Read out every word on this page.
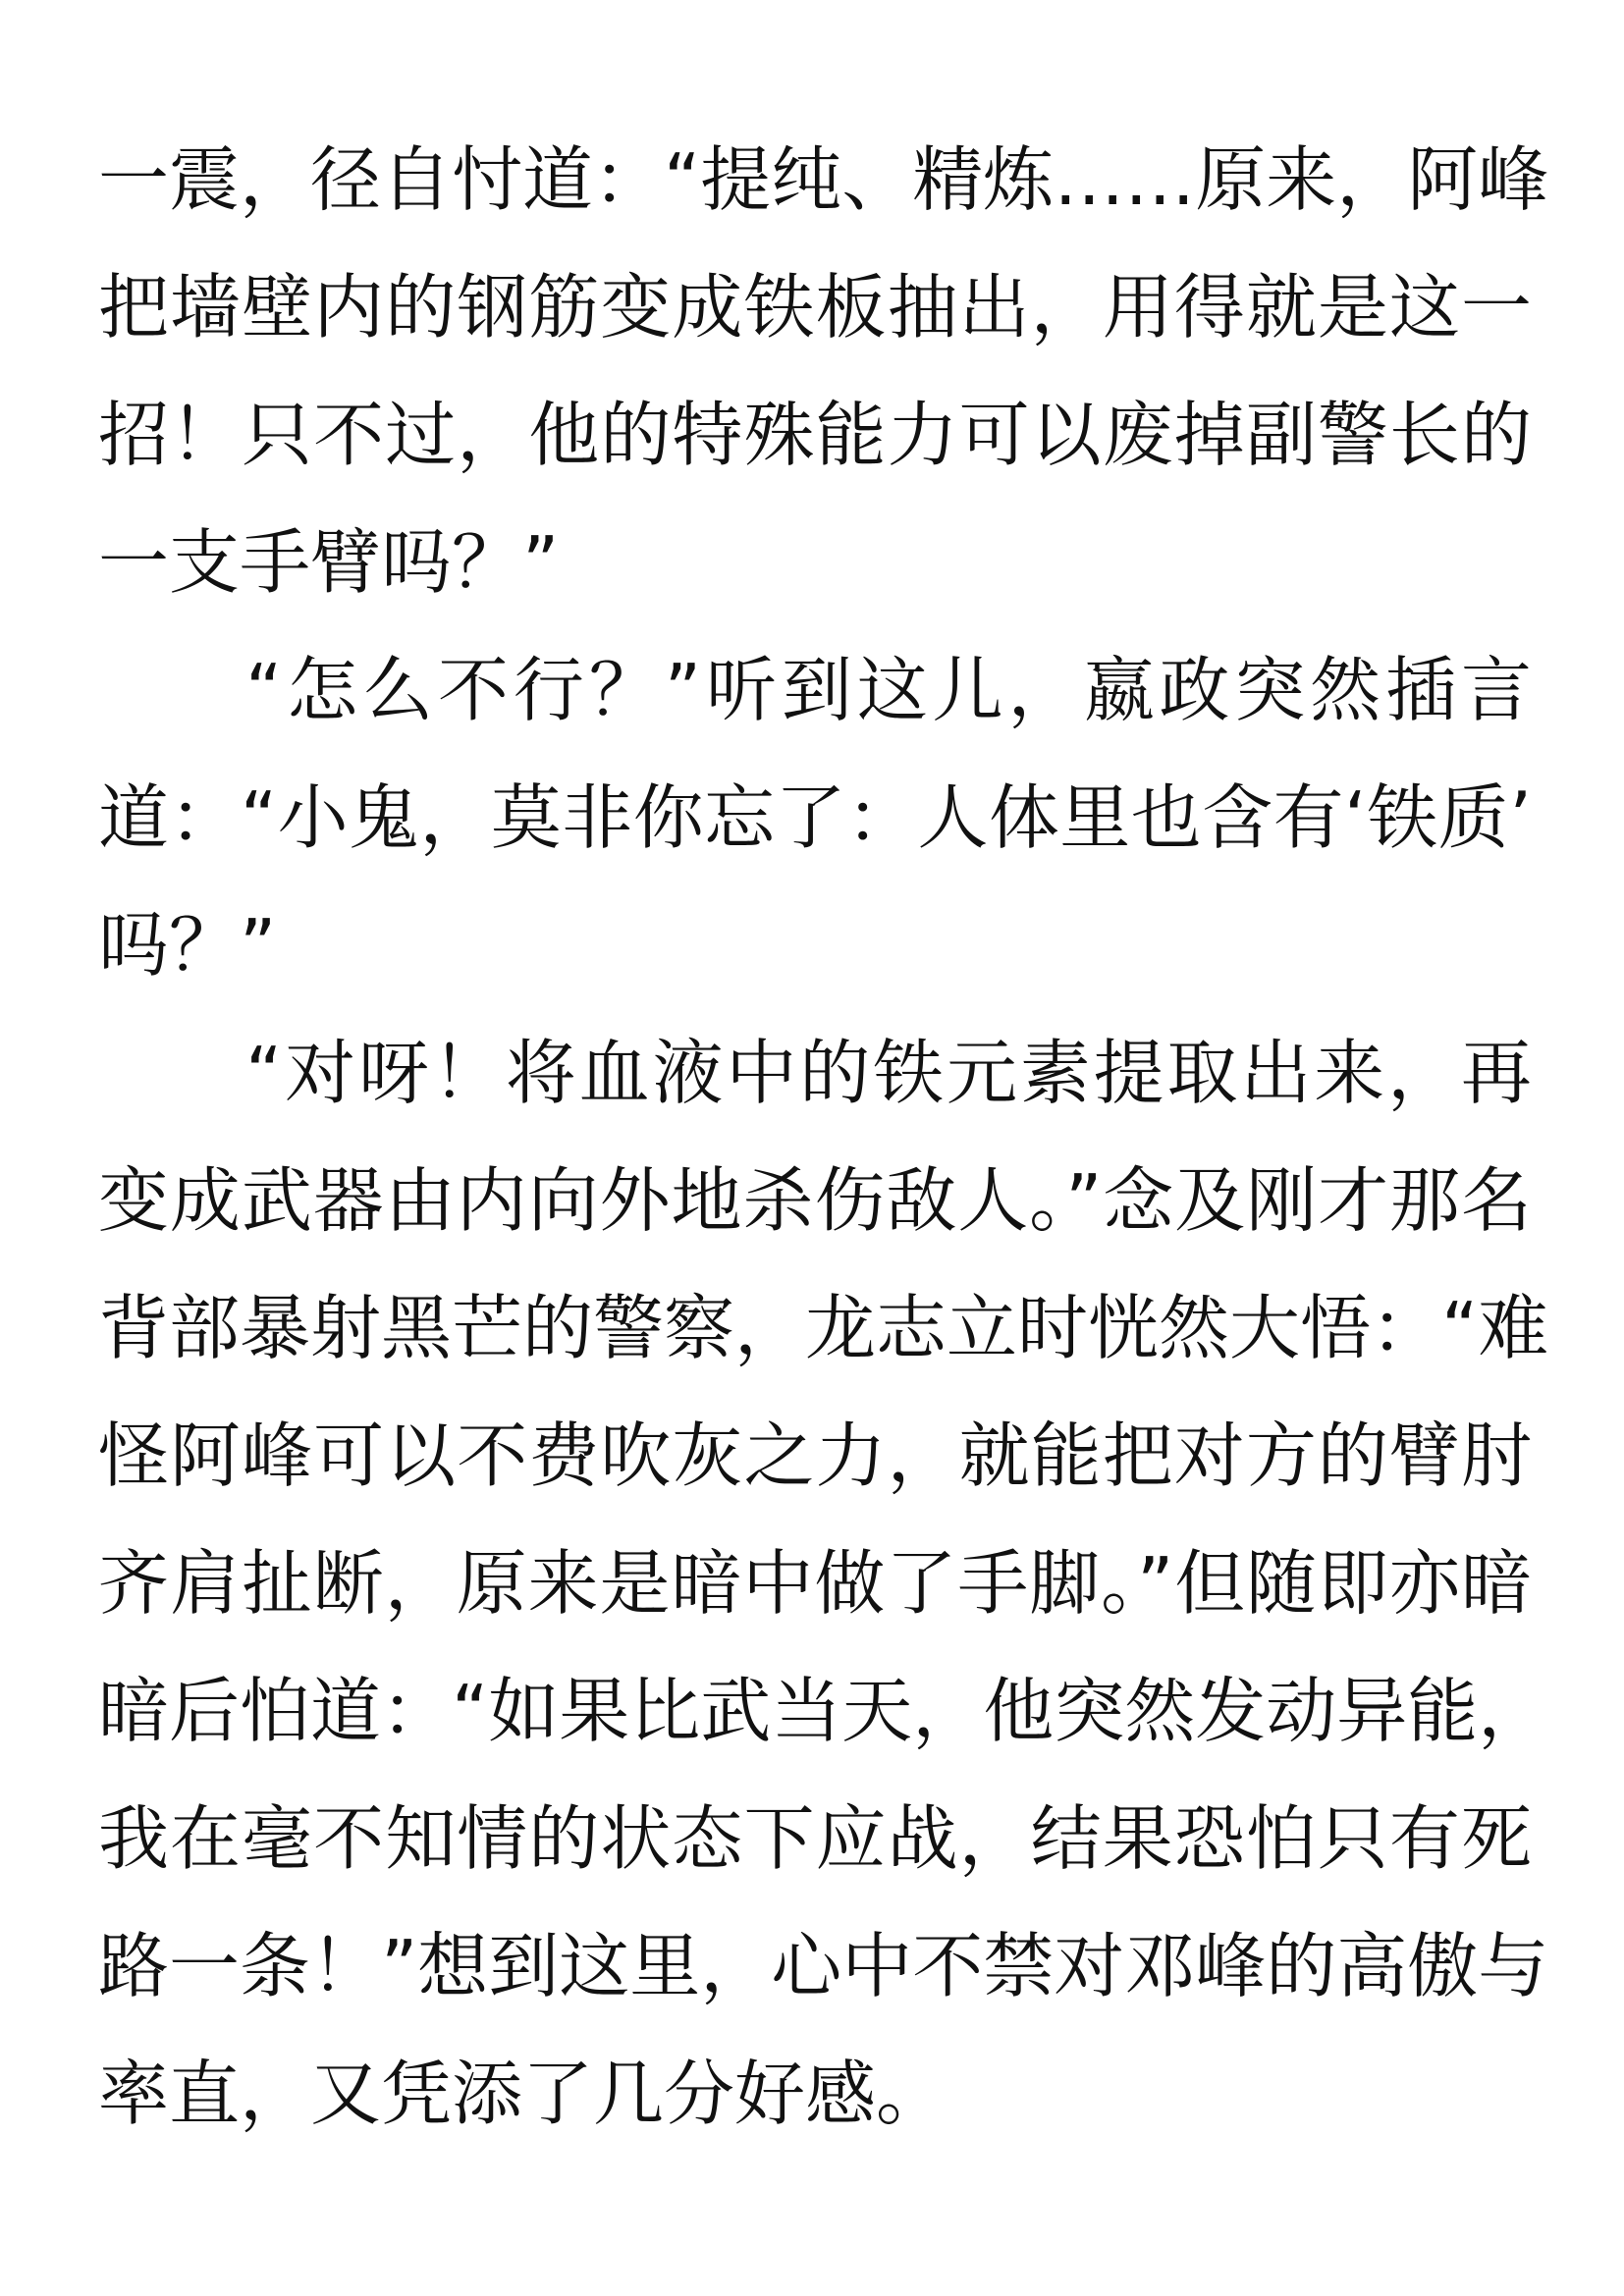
一震，径自忖道：“提纯、精炼……原来，阿峰
把墙壁内的钢筋变成铁板抽出，用得就是这一
招！只不过，他的特殊能力可以废掉副警长的
一支手臂吗？”
“怎么不行？”听到这儿，嬴政突然插言
道：“小鬼，莫非你忘了：人体里也含有‘铁质’
吗？”
“对呀！将血液中的铁元素提取出来，再
变成武器由内向外地杀伤敌人。”念及刚才那名
背部暴射黑芒的警察，龙志立时恍然大悟：“难
怪阿峰可以不费吹灰之力，就能把对方的臂肘
齐肩扯断，原来是暗中做了手脚。”但随即亦暗
暗后怕道：“如果比武当天，他突然发动异能，
我在毫不知情的状态下应战，结果恐怕只有死
路一条！”想到这里，心中不禁对邓峰的高傲与
率直，又凭添了几分好感。
